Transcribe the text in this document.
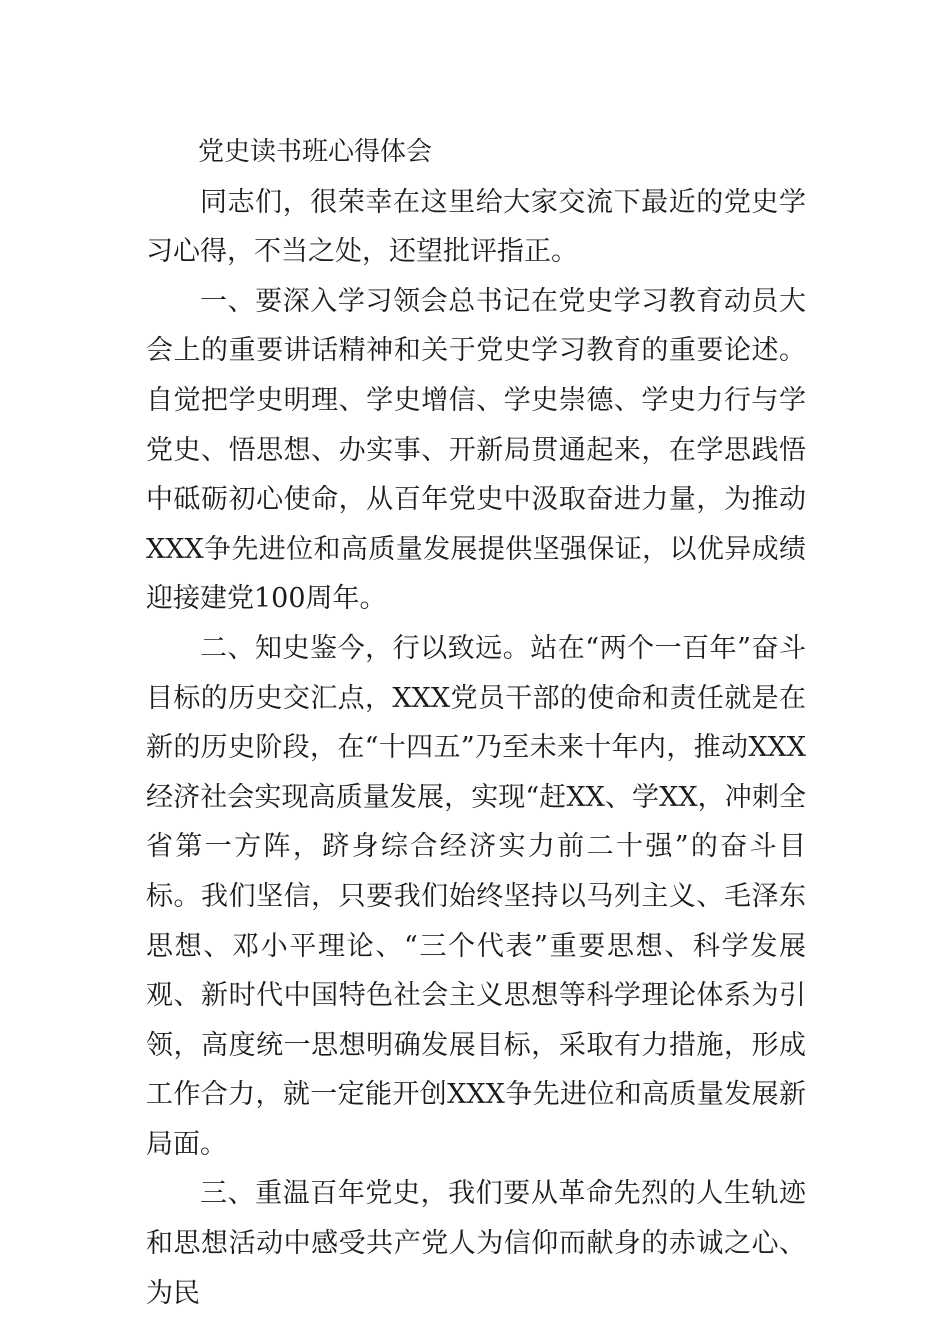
党史读书班心得体会

同志们，很荣幸在这里给大家交流下最近的党史学习心得，不当之处，还望批评指正。

一、要深入学习领会总书记在党史学习教育动员大会上的重要讲话精神和关于党史学习教育的重要论述。自觉把学史明理、学史增信、学史崇德、学史力行与学党史、悟思想、办实事、开新局贯通起来，在学思践悟中砥砺初心使命，从百年党史中汲取奋进力量，为推动XXX争先进位和高质量发展提供坚强保证，以优异成绩迎接建党100周年。

二、知史鉴今，行以致远。站在“两个一百年”奋斗目标的历史交汇点，XXX党员干部的使命和责任就是在新的历史阶段，在“十四五”乃至未来十年内，推动XXX经济社会实现高质量发展，实现“赶XX、学XX，冲刺全省第一方阵，跻身综合经济实力前二十强”的奋斗目标。我们坚信，只要我们始终坚持以马列主义、毛泽东思想、邓小平理论、“三个代表”重要思想、科学发展观、新时代中国特色社会主义思想等科学理论体系为引领，高度统一思想明确发展目标，采取有力措施，形成工作合力，就一定能开创XXX争先进位和高质量发展新局面。

三、重温百年党史，我们要从革命先烈的人生轨迹和思想活动中感受共产党人为信仰而献身的赤诚之心、为民
